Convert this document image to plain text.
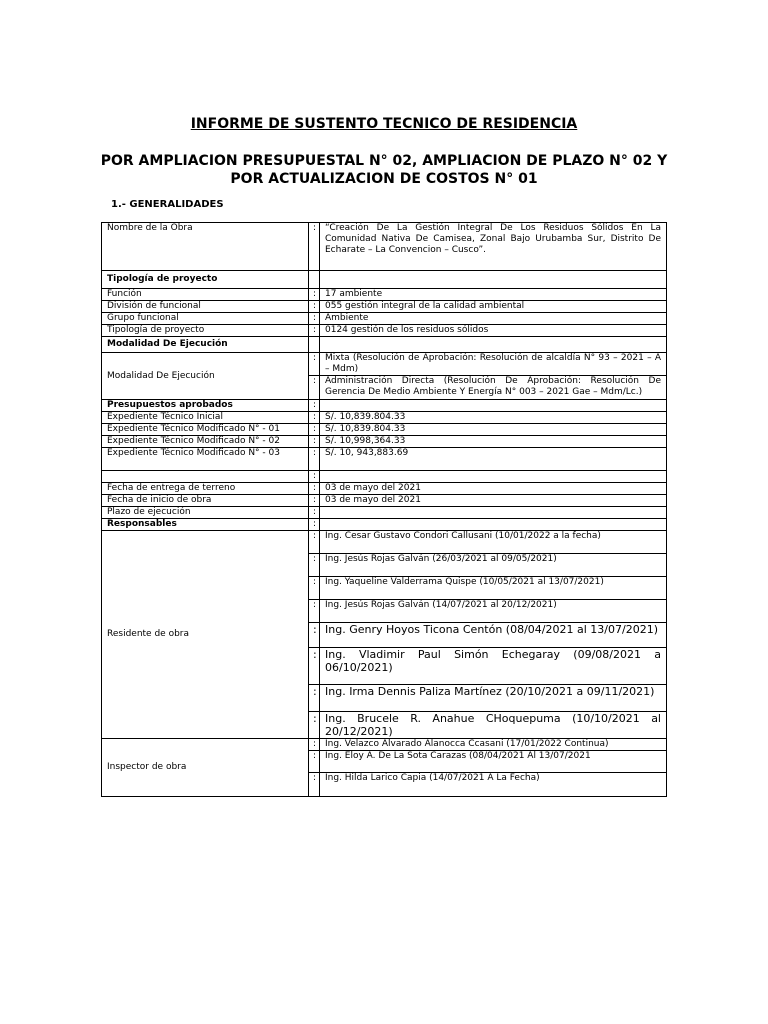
INFORME DE SUSTENTO TECNICO DE RESIDENCIA
POR AMPLIACION PRESUPUESTAL N° 02, AMPLIACION DE PLAZO N° 02 Y
POR ACTUALIZACION DE COSTOS N° 01
1.- GENERALIDADES
Nombre de la Obra	:	“Creación De La Gestión Integral De Los Residuos Sólidos En La Comunidad Nativa De Camisea, Zonal Bajo Urubamba Sur, Distrito De Echarate – La Convencion – Cusco”.
Tipología de proyecto		
Función	:	17 ambiente
División de funcional	:	055 gestión integral de la calidad ambiental
Grupo funcional	:	Ambiente
Tipología de proyecto	:	0124 gestión de los residuos sólidos
Modalidad De Ejecución		
Modalidad De Ejecución	:	Mixta (Resolución de Aprobación: Resolución de alcaldía N° 93 – 2021 – A – Mdm)
	:	Administración Directa (Resolución De Aprobación: Resolución De Gerencia De Medio Ambiente Y Energía N° 003 – 2021 Gae – Mdm/Lc.)
Presupuestos aprobados	:	
Expediente Técnico Inicial	:	S/. 10,839.804.33
Expediente Técnico Modificado N° - 01	:	S/. 10,839.804.33
Expediente Técnico Modificado N° - 02	:	S/. 10,998,364.33
Expediente Técnico Modificado N° - 03	:	S/. 10, 943,883.69
	:	
Fecha de entrega de terreno	:	03 de mayo del 2021
Fecha de inicio de obra	:	03 de mayo del 2021
Plazo de ejecución	:	
Responsables	:	
Residente de obra	:	Ing. Cesar Gustavo Condori Callusani (10/01/2022 a la fecha)
	:	Ing. Jesús Rojas Galván (26/03/2021 al 09/05/2021)
	:	Ing. Yaqueline Valderrama Quispe (10/05/2021 al 13/07/2021)
	:	Ing. Jesús Rojas Galván (14/07/2021 al 20/12/2021)
	:	Ing. Genry Hoyos Ticona Centón (08/04/2021 al 13/07/2021)
	:	Ing. Vladimir Paul Simón Echegaray (09/08/2021 a 06/10/2021)
	:	Ing. Irma Dennis Paliza Martínez (20/10/2021 a 09/11/2021)
	:	Ing. Brucele R. Anahue CHoquepuma (10/10/2021 al 20/12/2021)
Inspector de obra	:	Ing. Velazco Alvarado Alanocca Ccasani (17/01/2022 Continua)
	:	Ing. Eloy A. De La Sota Carazas (08/04/2021 Al 13/07/2021
	:	Ing. Hilda Larico Capia (14/07/2021 A La Fecha)
